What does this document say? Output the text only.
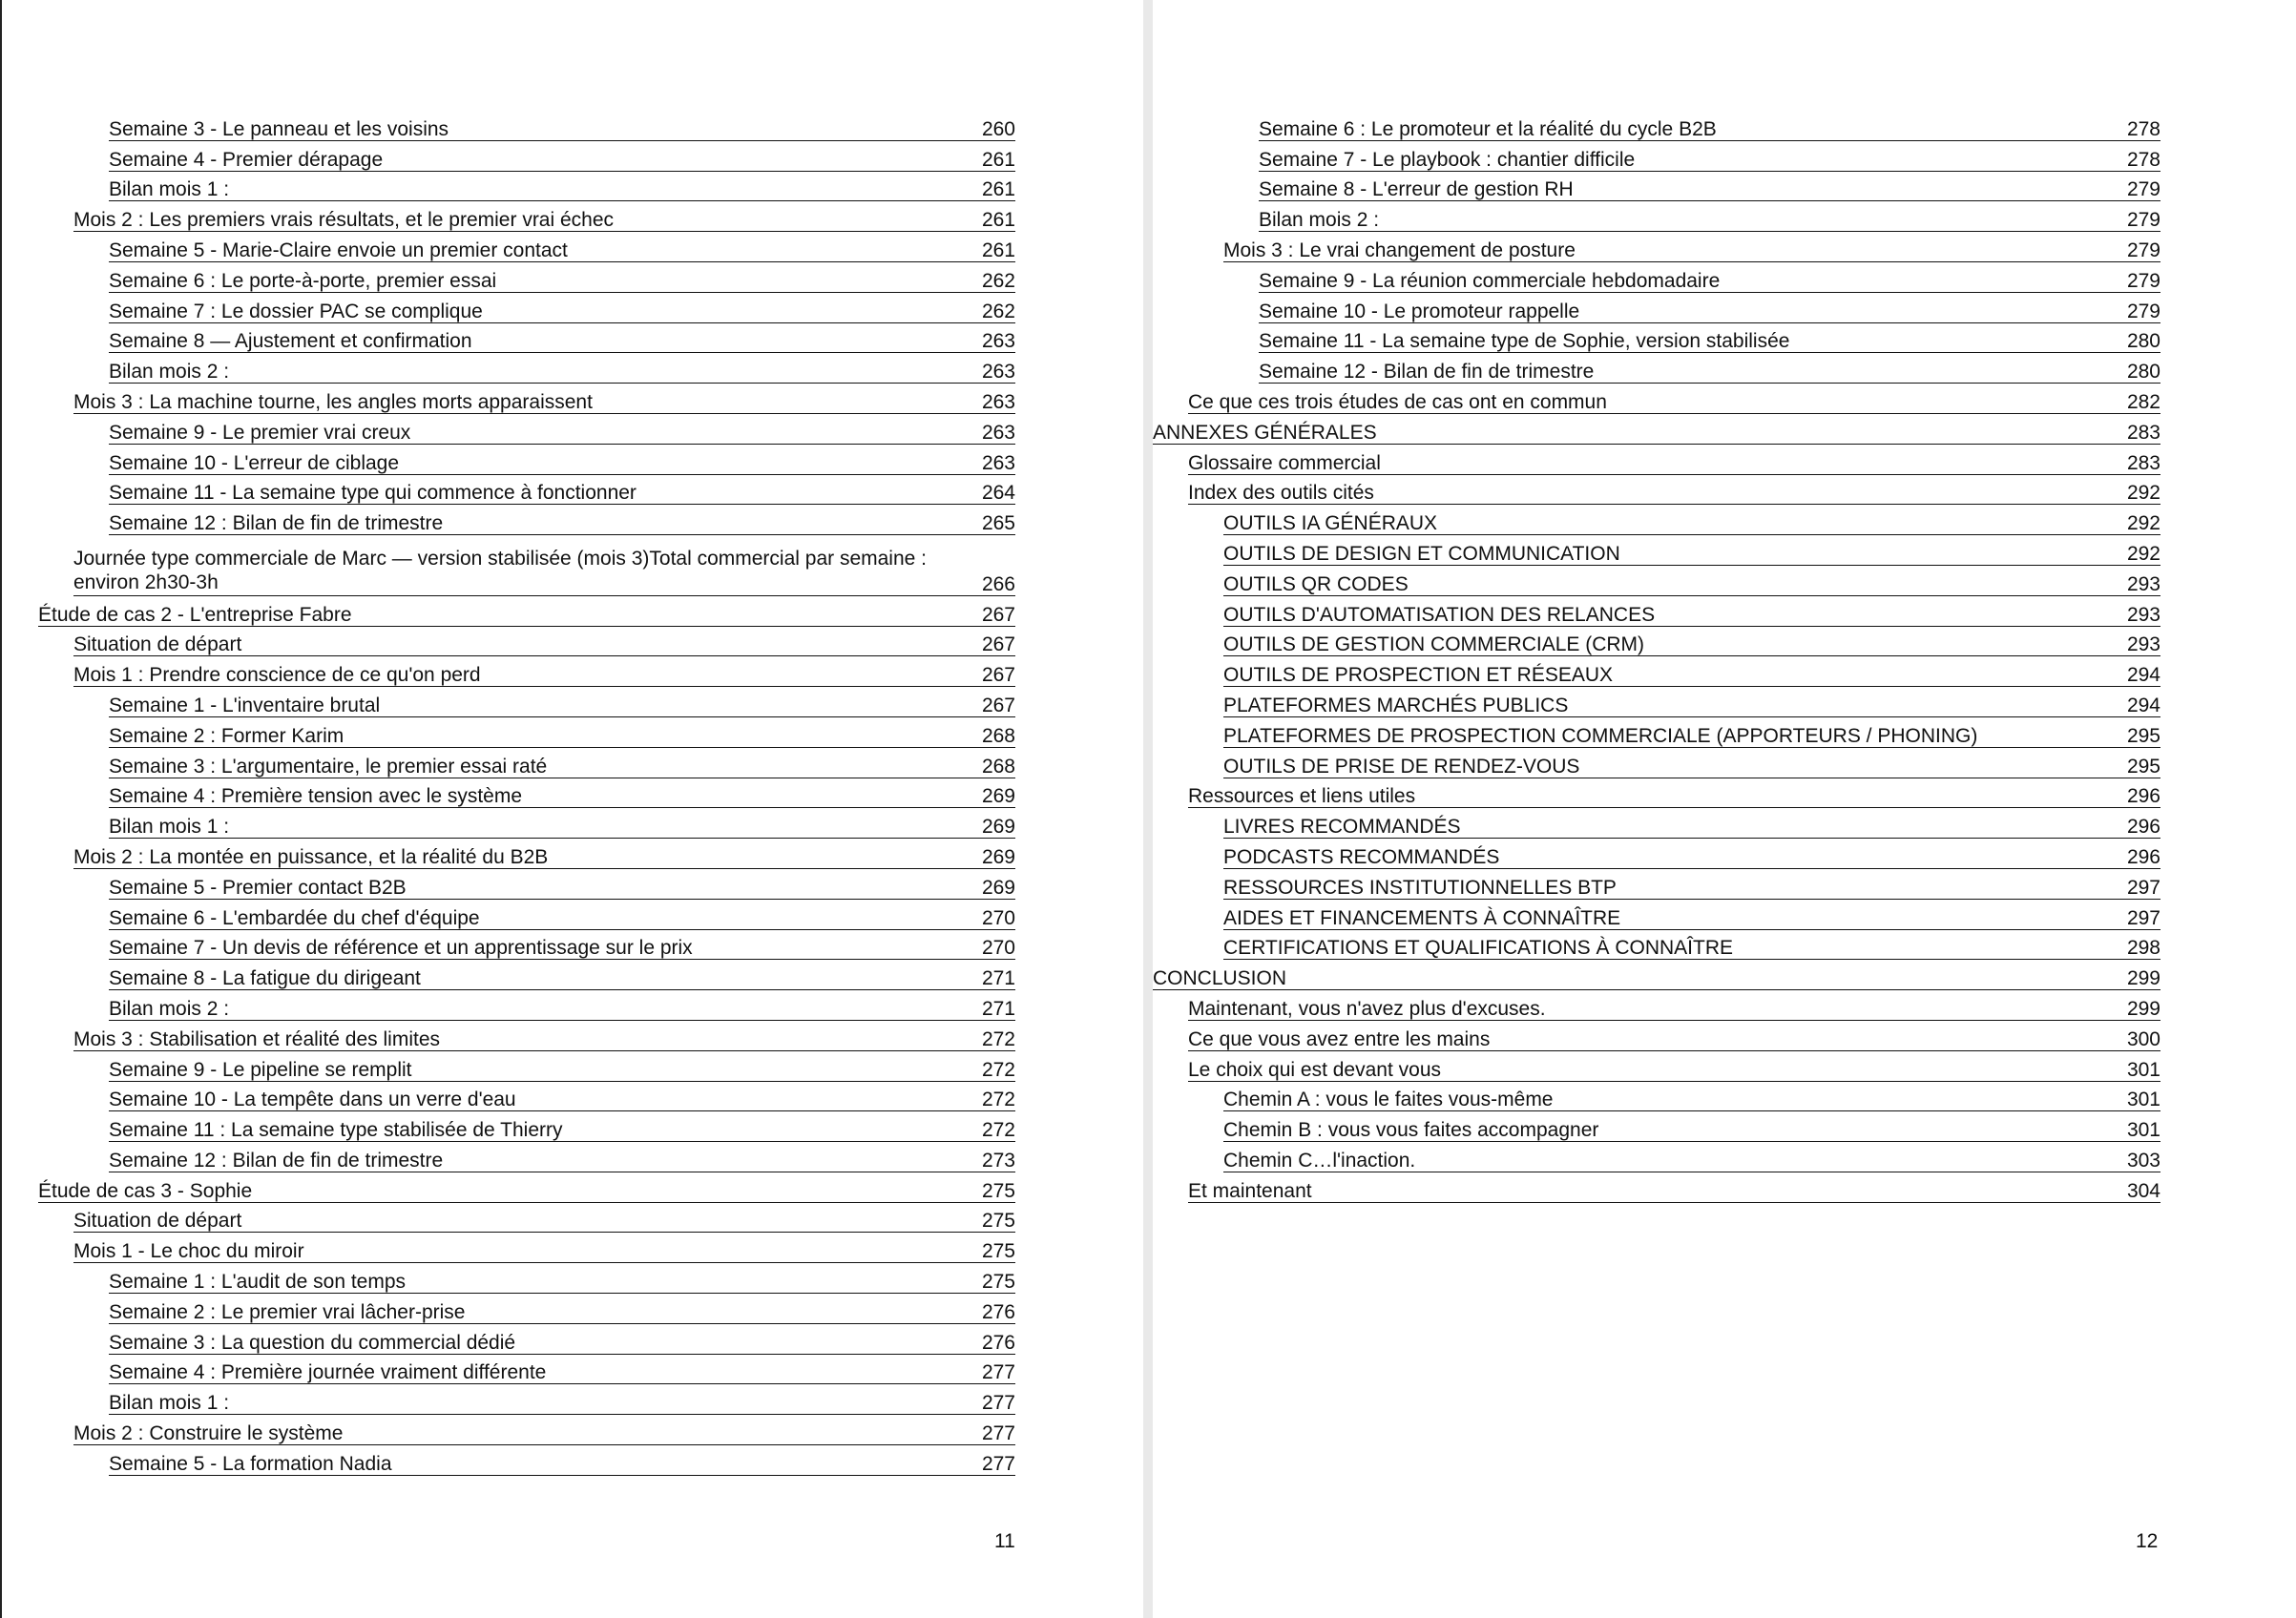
Semaine 3 - Le panneau et les voisins	260
Semaine 4 - Premier dérapage	261
Bilan mois 1 :	261
Mois 2 : Les premiers vrais résultats, et le premier vrai échec	261
Semaine 5 - Marie-Claire envoie un premier contact	261
Semaine 6 : Le porte-à-porte, premier essai	262
Semaine 7 : Le dossier PAC se complique	262
Semaine 8 — Ajustement et confirmation	263
Bilan mois 2 :	263
Mois 3 : La machine tourne, les angles morts apparaissent	263
Semaine 9 - Le premier vrai creux	263
Semaine 10 - L'erreur de ciblage	263
Semaine 11 - La semaine type qui commence à fonctionner	264
Semaine 12 : Bilan de fin de trimestre	265
Journée type commerciale de Marc — version stabilisée (mois 3)Total commercial par semaine : environ 2h30-3h	266
Étude de cas 2 - L'entreprise Fabre	267
Situation de départ	267
Mois 1 : Prendre conscience de ce qu'on perd	267
Semaine 1 - L'inventaire brutal	267
Semaine 2 : Former Karim	268
Semaine 3 : L'argumentaire, le premier essai raté	268
Semaine 4 : Première tension avec le système	269
Bilan mois 1 :	269
Mois 2 : La montée en puissance, et la réalité du B2B	269
Semaine 5 - Premier contact B2B	269
Semaine 6 - L'embardée du chef d'équipe	270
Semaine 7 - Un devis de référence et un apprentissage sur le prix	270
Semaine 8 - La fatigue du dirigeant	271
Bilan mois 2 :	271
Mois 3 : Stabilisation et réalité des limites	272
Semaine 9 - Le pipeline se remplit	272
Semaine 10 - La tempête dans un verre d'eau	272
Semaine 11 : La semaine type stabilisée de Thierry	272
Semaine 12 : Bilan de fin de trimestre	273
Étude de cas 3 - Sophie	275
Situation de départ	275
Mois 1 - Le choc du miroir	275
Semaine 1 : L'audit de son temps	275
Semaine 2 : Le premier vrai lâcher-prise	276
Semaine 3 : La question du commercial dédié	276
Semaine 4 : Première journée vraiment différente	277
Bilan mois 1 :	277
Mois 2 : Construire le système	277
Semaine 5 - La formation Nadia	277
11
Semaine 6 : Le promoteur et la réalité du cycle B2B	278
Semaine 7 - Le playbook : chantier difficile	278
Semaine 8 - L'erreur de gestion RH	279
Bilan mois 2 :	279
Mois 3 : Le vrai changement de posture	279
Semaine 9 - La réunion commerciale hebdomadaire	279
Semaine 10 - Le promoteur rappelle	279
Semaine 11 - La semaine type de Sophie, version stabilisée	280
Semaine 12 - Bilan de fin de trimestre	280
Ce que ces trois études de cas ont en commun	282
ANNEXES GÉNÉRALES	283
Glossaire commercial	283
Index des outils cités	292
OUTILS IA GÉNÉRAUX	292
OUTILS DE DESIGN ET COMMUNICATION	292
OUTILS QR CODES	293
OUTILS D'AUTOMATISATION DES RELANCES	293
OUTILS DE GESTION COMMERCIALE (CRM)	293
OUTILS DE PROSPECTION ET RÉSEAUX	294
PLATEFORMES MARCHÉS PUBLICS	294
PLATEFORMES DE PROSPECTION COMMERCIALE (APPORTEURS / PHONING)	295
OUTILS DE PRISE DE RENDEZ-VOUS	295
Ressources et liens utiles	296
LIVRES RECOMMANDÉS	296
PODCASTS RECOMMANDÉS	296
RESSOURCES INSTITUTIONNELLES BTP	297
AIDES ET FINANCEMENTS À CONNAÎTRE	297
CERTIFICATIONS ET QUALIFICATIONS À CONNAÎTRE	298
CONCLUSION	299
Maintenant, vous n'avez plus d'excuses.	299
Ce que vous avez entre les mains	300
Le choix qui est devant vous	301
Chemin A : vous le faites vous-même	301
Chemin B : vous vous faites accompagner	301
Chemin C…l'inaction.	303
Et maintenant	304
12
